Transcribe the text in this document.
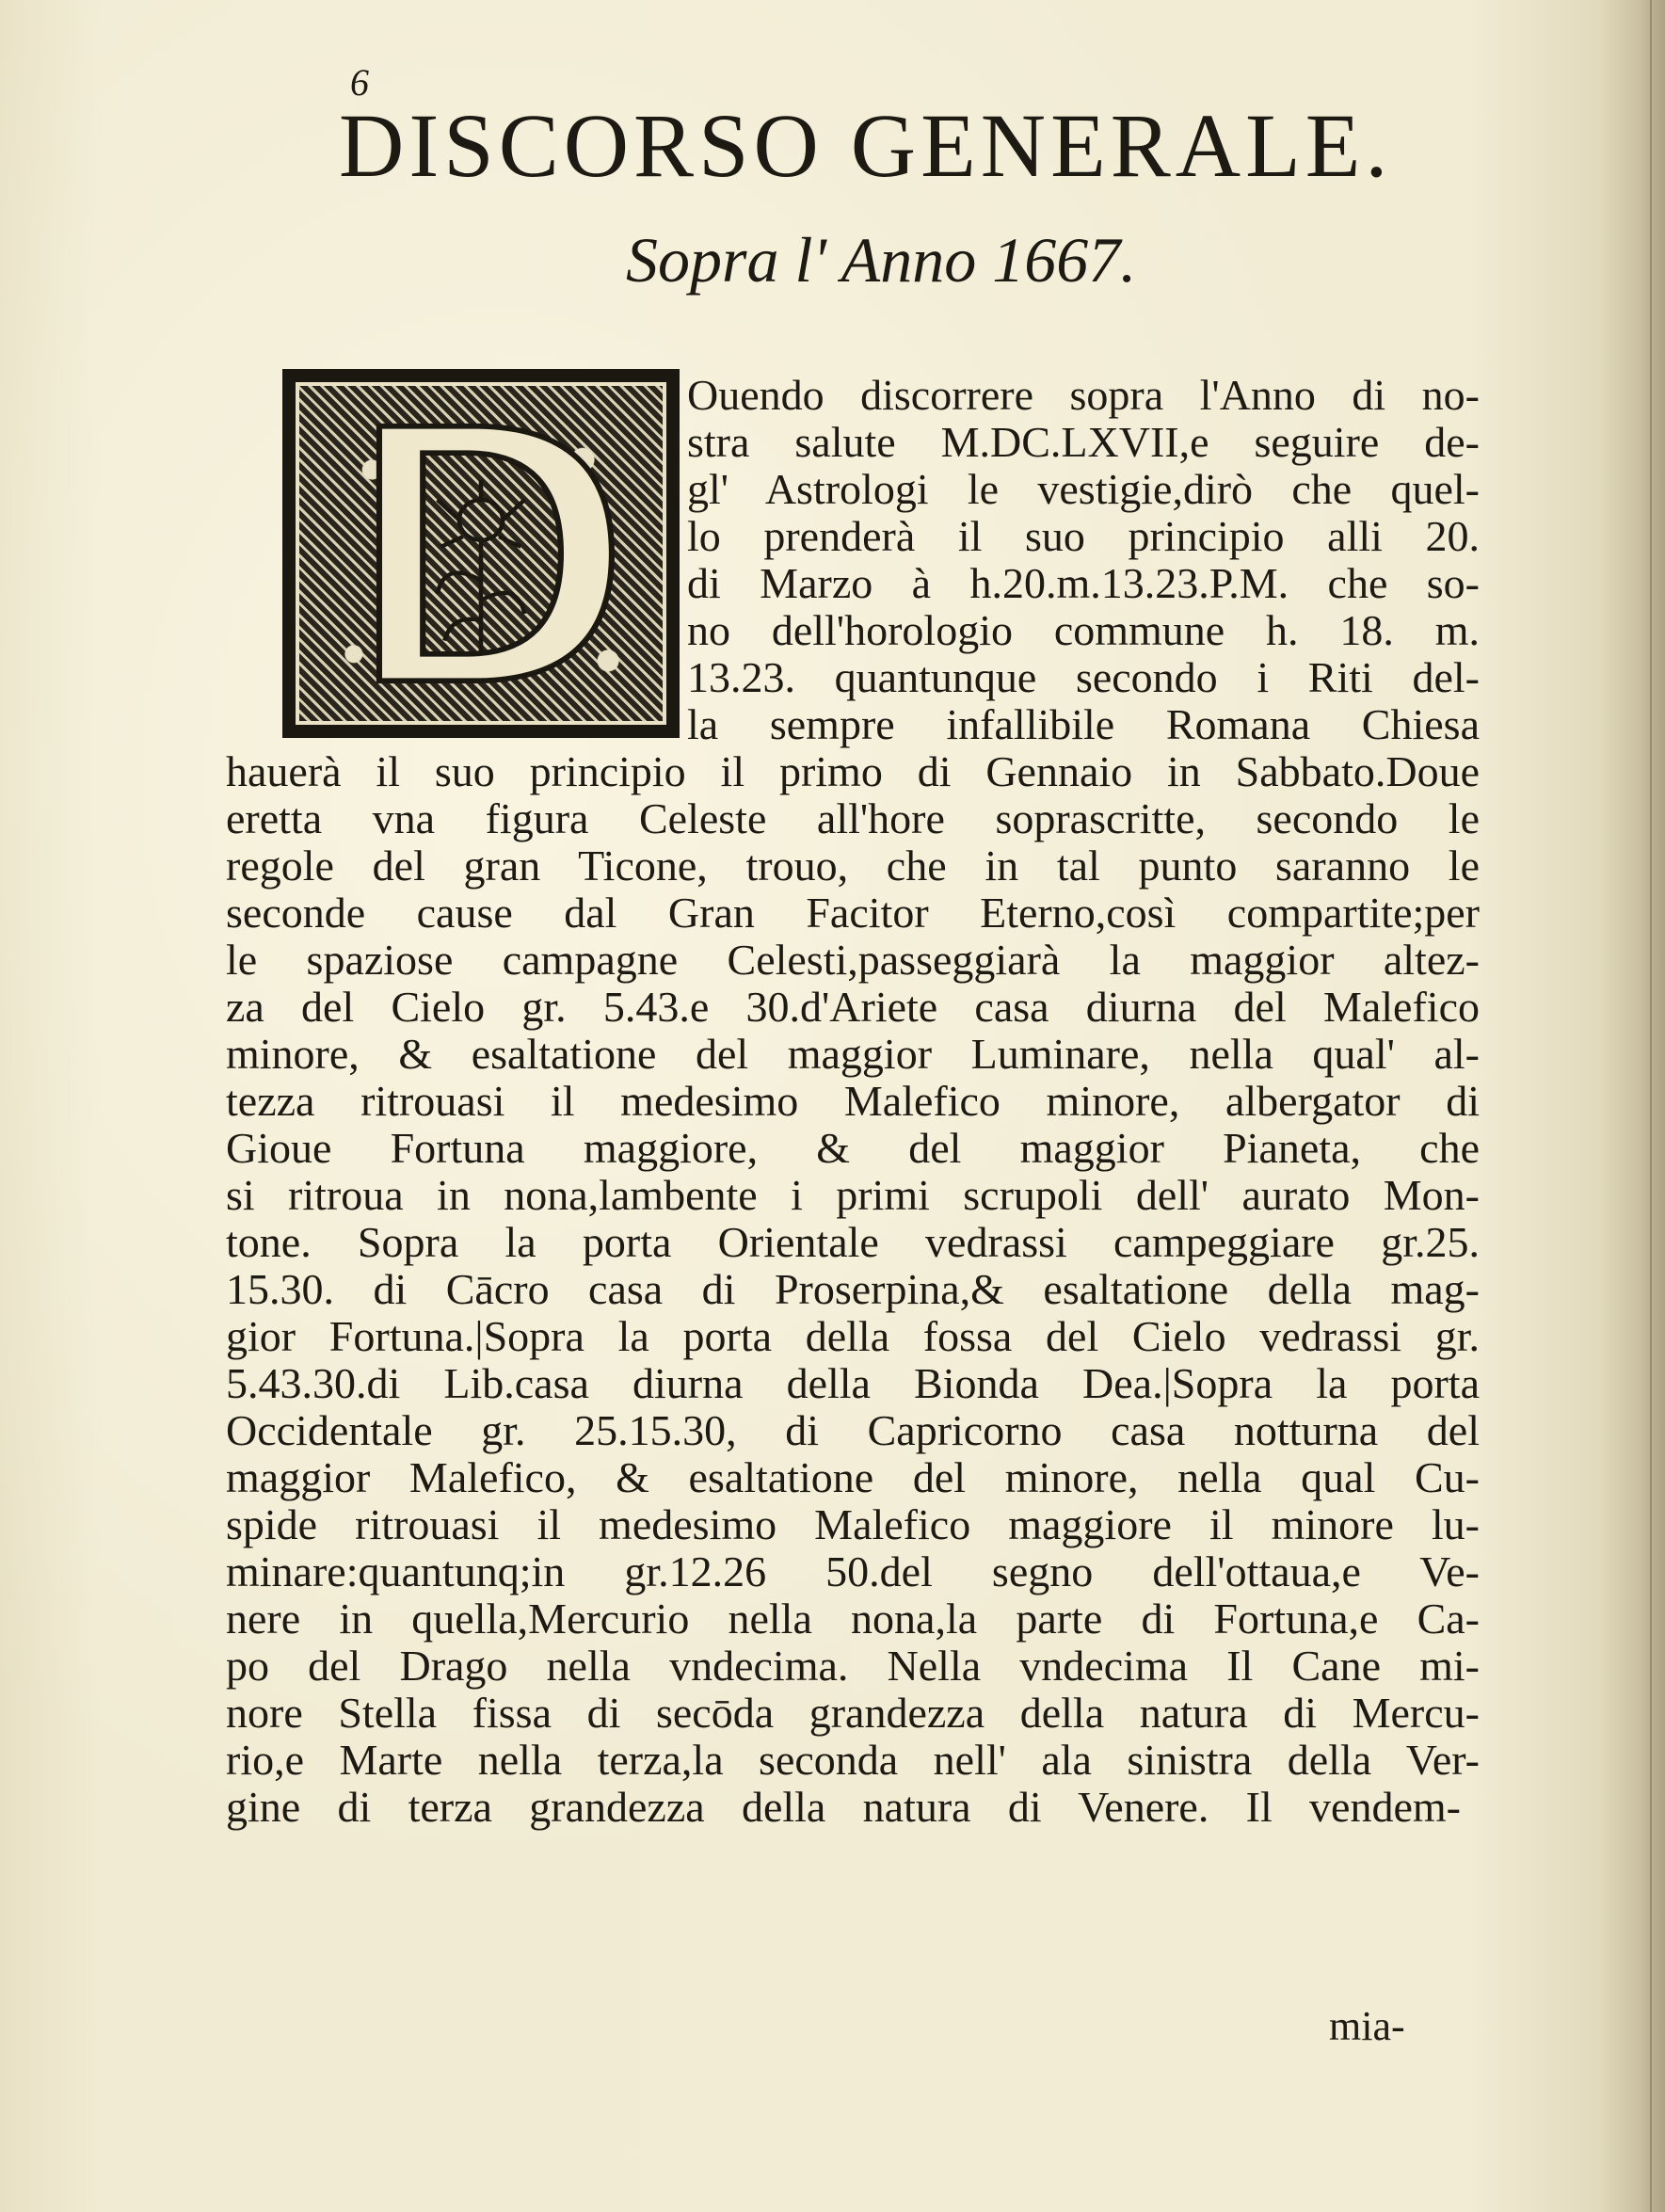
6
DISCORSO GENERALE.
Sopra l' Anno 1667.
Ouendo discorrere sopra l'Anno di no-
stra salute M.DC.LXVII,e seguire de-
gl' Astrologi le vestigie,dirò che quel-
lo prenderà il suo principio alli 20.
di Marzo à h.20.m.13.23.P.M. che so-
no dell'horologio commune h. 18. m.
13.23. quantunque secondo i Riti del-
la sempre infallibile Romana Chiesa
hauerà il suo principio il primo di Gennaio in Sabbato.Doue
eretta vna figura Celeste all'hore soprascritte, secondo le
regole del gran Ticone, trouo, che in tal punto saranno le
seconde cause dal Gran Facitor Eterno,così compartite;per
le spaziose campagne Celesti,passeggiarà la maggior altez-
za del Cielo gr. 5.43.e 30.d'Ariete casa diurna del Malefico
minore, & esaltatione del maggior Luminare, nella qual' al-
tezza ritrouasi il medesimo Malefico minore, albergator di
Gioue Fortuna maggiore, & del maggior Pianeta, che
si ritroua in nona,lambente i primi scrupoli dell' aurato Mon-
tone. Sopra la porta Orientale vedrassi campeggiare gr.25.
15.30. di Cācro casa di Proserpina,& esaltatione della mag-
gior Fortuna.|Sopra la porta della fossa del Cielo vedrassi gr.
5.43.30.di Lib.casa diurna della Bionda Dea.|Sopra la porta
Occidentale gr. 25.15.30, di Capricorno casa notturna del
maggior Malefico, & esaltatione del minore, nella qual Cu-
spide ritrouasi il medesimo Malefico maggiore il minore lu-
minare:quantunq;in gr.12.26 50.del segno dell'ottaua,e Ve-
nere in quella,Mercurio nella nona,la parte di Fortuna,e Ca-
po del Drago nella vndecima. Nella vndecima Il Cane mi-
nore Stella fissa di secōda grandezza della natura di Mercu-
rio,e Marte nella terza,la seconda nell' ala sinistra della Ver-
gine di terza grandezza della natura di Venere. Il vendem-
mia-
